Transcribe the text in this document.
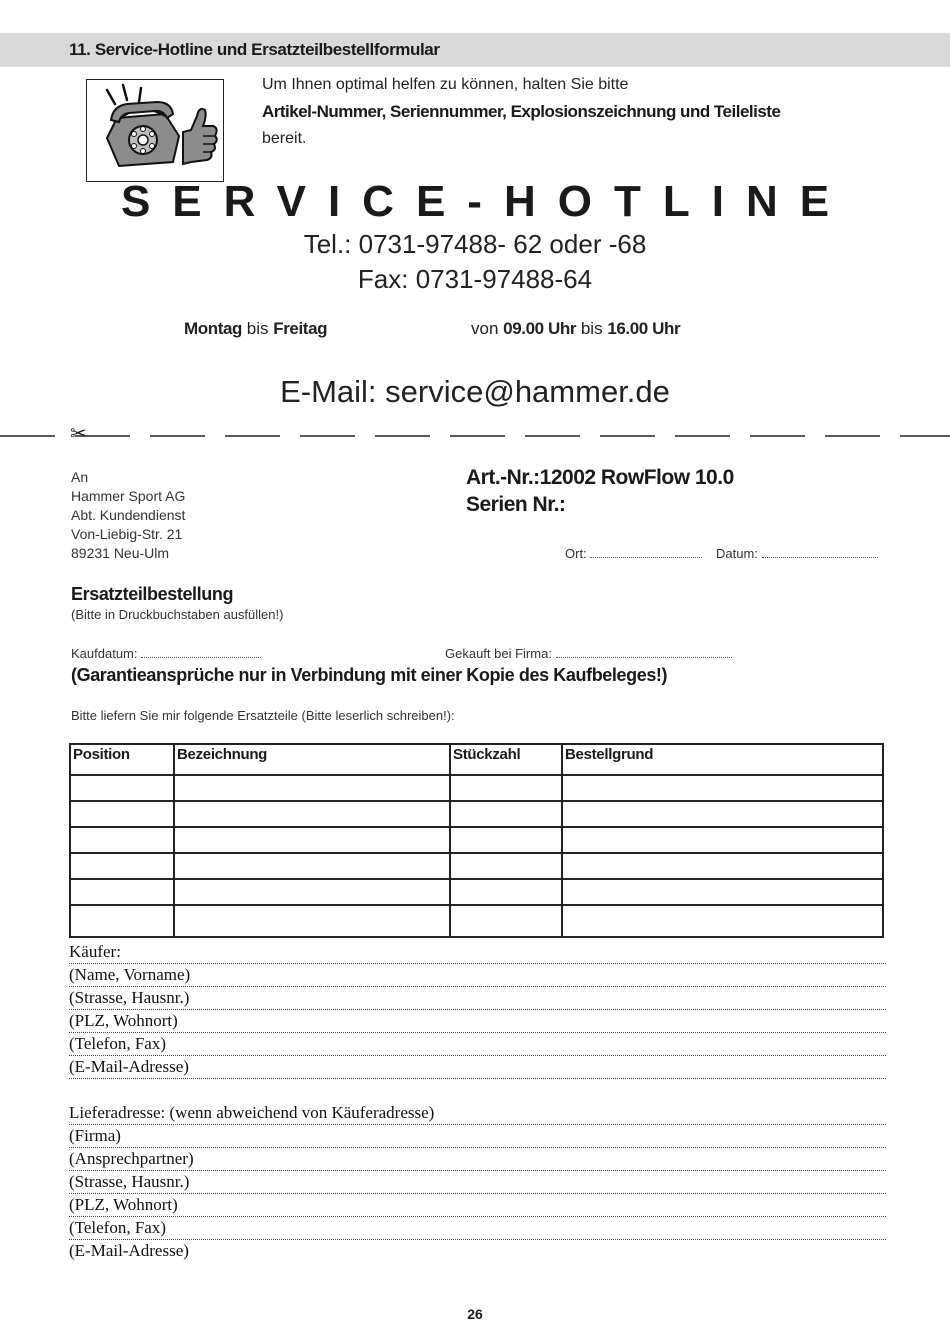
11. Service-Hotline und Ersatzteilbestellformular
Um Ihnen optimal helfen zu können, halten Sie bitte
Artikel-Nummer, Seriennummer, Explosionszeichnung und Teileliste
bereit.
SERVICE-HOTLINE
Tel.: 0731-97488- 62 oder -68
Fax: 0731-97488-64
Montag bis Freitag	von 09.00 Uhr bis 16.00 Uhr
E-Mail: service@hammer.de
✂
An
Hammer Sport AG
Abt. Kundendienst
Von-Liebig-Str. 21
89231 Neu-Ulm
Art.-Nr.:12002 RowFlow 10.0
Serien Nr.:
Ort:	Datum:
Ersatzteilbestellung
(Bitte in Druckbuchstaben ausfüllen!)
Kaufdatum:	Gekauft bei Firma:
(Garantieansprüche nur in Verbindung mit einer Kopie des Kaufbeleges!)
Bitte liefern Sie mir folgende Ersatzteile (Bitte leserlich schreiben!):
Position	Bezeichnung	Stückzahl	Bestellgrund

Käufer:
(Name, Vorname)
(Strasse, Hausnr.)
(PLZ, Wohnort)
(Telefon, Fax)
(E-Mail-Adresse)
Lieferadresse: (wenn abweichend von Käuferadresse)
(Firma)
(Ansprechpartner)
(Strasse, Hausnr.)
(PLZ, Wohnort)
(Telefon, Fax)
(E-Mail-Adresse)
26
